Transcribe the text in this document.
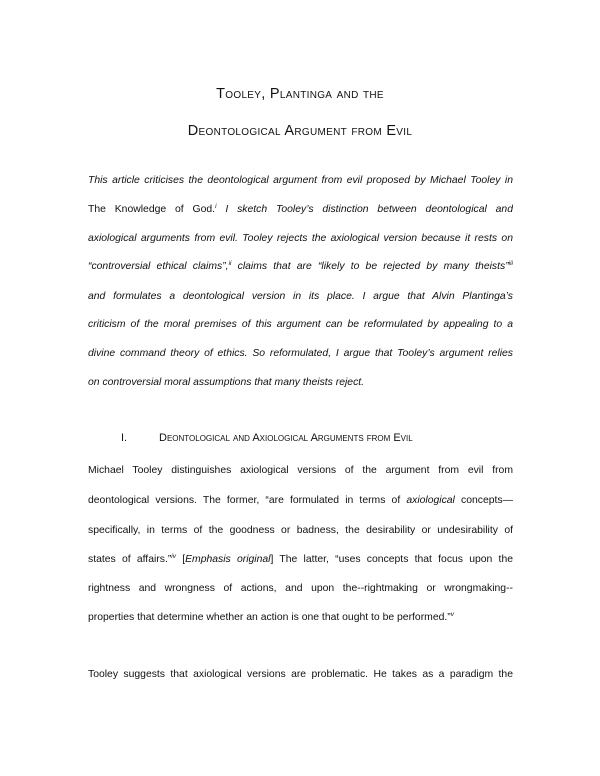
Tooley, Plantinga and the
Deontological Argument from Evil
This article criticises the deontological argument from evil proposed by Michael Tooley in
The Knowledge of God.$^i$ I sketch Tooley’s distinction between deontological and
axiological arguments from evil. Tooley rejects the axiological version because it rests on
“controversial ethical claims”,$^{ii}$ claims that are “likely to be rejected by many theists”$^{iii}$
and formulates a deontological version in its place. I argue that Alvin Plantinga’s
criticism of the moral premises of this argument can be reformulated by appealing to a
divine command theory of ethics. So reformulated, I argue that Tooley’s argument relies
on controversial moral assumptions that many theists reject.
I.	Deontological and Axiological Arguments from Evil
Michael Tooley distinguishes axiological versions of the argument from evil from
deontological versions. The former, “are formulated in terms of axiological concepts—
specifically, in terms of the goodness or badness, the desirability or undesirability of
states of affairs.”$^{iv}$ [Emphasis original] The latter, “uses concepts that focus upon the
rightness and wrongness of actions, and upon the--rightmaking or wrongmaking--
properties that determine whether an action is one that ought to be performed.”$^v$
Tooley suggests that axiological versions are problematic. He takes as a paradigm the
